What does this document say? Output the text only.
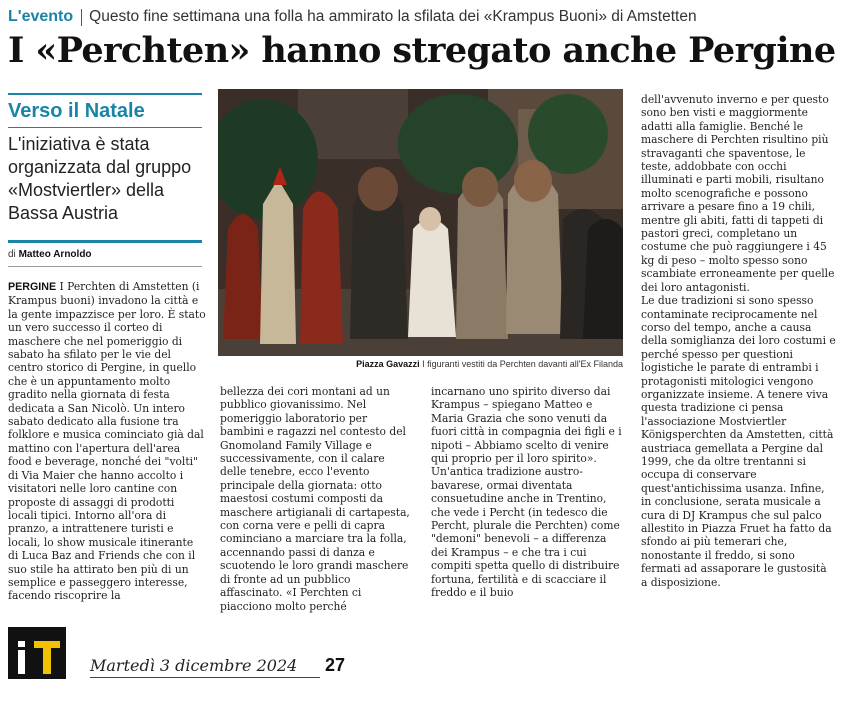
L'evento Questo fine settimana una folla ha ammirato la sfilata dei «Krampus Buoni» di Amstetten
I «Perchten» hanno stregato anche Pergine
Verso il Natale
L'iniziativa è stata organizzata dal gruppo «Mostviertler» della Bassa Austria
di Matteo Arnoldo

PERGINE I Perchten di Amstetten (i Krampus buoni) invadono la città e la gente impazzisce per loro. È stato un vero successo il corteo di maschere che nel pomeriggio di sabato ha sfilato per le vie del centro storico di Pergine, in quello che è un appuntamento molto gradito nella giornata di festa dedicata a San Nicolò. Un intero sabato dedicato alla fusione tra folklore e musica cominciato già dal mattino con l'apertura dell'area food e beverage, nonché dei "volti" di Via Maier che hanno accolto i visitatori nelle loro cantine con proposte di assaggi di prodotti locali tipici. Intorno all'ora di pranzo, a intrattenere turisti e locali, lo show musicale itinerante di Luca Baz and Friends che con il suo stile ha attirato ben più di un semplice e passeggero interesse, facendo riscoprire la

Piazza Gavazzi I figuranti vestiti da Perchten davanti all'Ex Filanda

bellezza dei cori montani ad un pubblico giovanissimo. Nel pomeriggio laboratorio per bambini e ragazzi nel contesto del Gnomoland Family Village e successivamente, con il calare delle tenebre, ecco l'evento principale della giornata: otto maestosi costumi composti da maschere artigianali di cartapesta, con corna vere e pelli di capra cominciano a marciare tra la folla, accennando passi di danza e scuotendo le loro grandi maschere di fronte ad un pubblico affascinato. «I Perchten ci piacciono molto perché

incarnano uno spirito diverso dai Krampus – spiegano Matteo e Maria Grazia che sono venuti da fuori città in compagnia dei figli e i nipoti – Abbiamo scelto di venire qui proprio per il loro spirito».

Un'antica tradizione austro-bavarese, ormai diventata consuetudine anche in Trentino, che vede i Percht (in tedesco die Percht, plurale die Perchten) come "demoni" benevoli – a differenza dei Krampus – e che tra i cui compiti spetta quello di distribuire fortuna, fertilità e di scacciare il freddo e il buio

dell'avvenuto inverno e per questo sono ben visti e maggiormente adatti alla famiglie. Benché le maschere di Perchten risultino più stravaganti che spaventose, le teste, addobbate con occhi illuminati e parti mobili, risultano molto scenografiche e possono arrivare a pesare fino a 19 chili, mentre gli abiti, fatti di tappeti di pastori greci, completano un costume che può raggiungere i 45 kg di peso – molto spesso sono scambiate erroneamente per quelle dei loro antagonisti.

Le due tradizioni si sono spesso contaminate reciprocamente nel corso del tempo, anche a causa della somiglianza dei loro costumi e perché spesso per questioni logistiche le parate di entrambi i protagonisti mitologici vengono organizzate insieme. A tenere viva questa tradizione ci pensa l'associazione Mostviertler Königsperchten da Amstetten, città austriaca gemellata a Pergine dal 1999, che da oltre trentanni si occupa di conservare quest'antichissima usanza. Infine, in conclusione, serata musicale a cura di DJ Krampus che sul palco allestito in Piazza Fruet ha fatto da sfondo ai più temerari che, nonostante il freddo, si sono fermati ad assaporare le gustosità a disposizione.

Martedì 3 dicembre 2024 27
